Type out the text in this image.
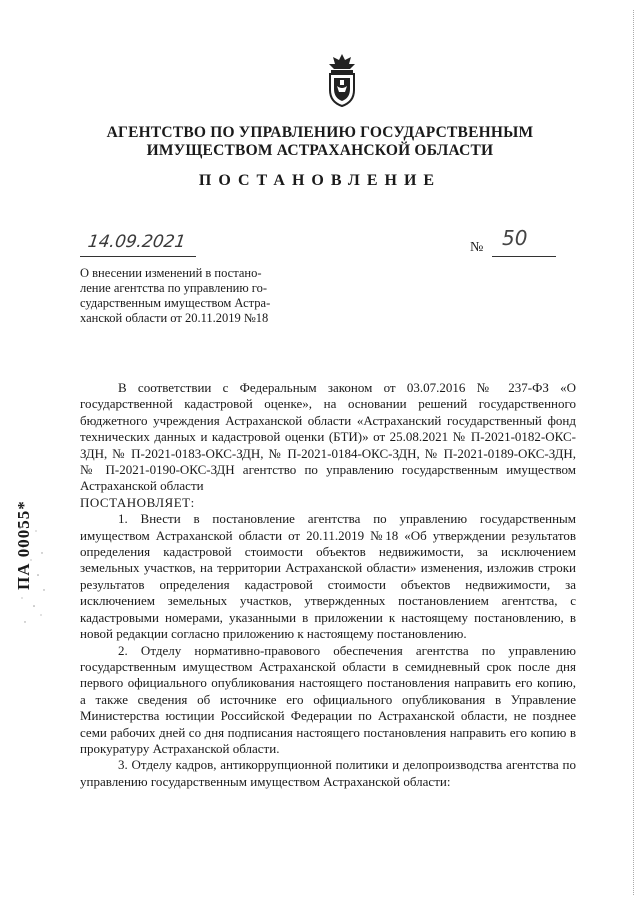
АГЕНТСТВО ПО УПРАВЛЕНИЮ ГОСУДАРСТВЕННЫМ
ИМУЩЕСТВОМ АСТРАХАНСКОЙ ОБЛАСТИ
ПОСТАНОВЛЕНИЕ
14.09.2021	№ 50
О внесении изменений в постано-
ление агентства по управлению го-
сударственным имуществом Астра-
ханской области от 20.11.2019 №18

В соответствии с Федеральным законом от 03.07.2016 № 237-ФЗ «О государственной кадастровой оценке», на основании решений государственного бюджетного учреждения Астраханской области «Астраханский государственный фонд технических данных и кадастровой оценки (БТИ)» от 25.08.2021 № П-2021-0182-ОКС-ЗДН, № П-2021-0183-ОКС-ЗДН, № П-2021-0184-ОКС-ЗДН, № П-2021-0189-ОКС-ЗДН, № П-2021-0190-ОКС-ЗДН агентство по управлению государственным имуществом Астраханской области

ПОСТАНОВЛЯЕТ:

1. Внести в постановление агентства по управлению государственным имуществом Астраханской области от 20.11.2019 №18 «Об утверждении результатов определения кадастровой стоимости объектов недвижимости, за исключением земельных участков, на территории Астраханской области» изменения, изложив строки результатов определения кадастровой стоимости объектов недвижимости, за исключением земельных участков, утвержденных постановлением агентства, с кадастровыми номерами, указанными в приложении к настоящему постановлению, в новой редакции согласно приложению к настоящему постановлению.

2. Отделу нормативно-правового обеспечения агентства по управлению государственным имуществом Астраханской области в семидневный срок после дня первого официального опубликования настоящего постановления направить его копию, а также сведения об источнике его официального опубликования в Управление Министерства юстиции Российской Федерации по Астраханской области, не позднее семи рабочих дней со дня подписания настоящего постановления направить его копию в прокуратуру Астраханской области.

3. Отделу кадров, антикоррупционной политики и делопроизводства агентства по управлению государственным имуществом Астраханской области:

ПА 00055*
